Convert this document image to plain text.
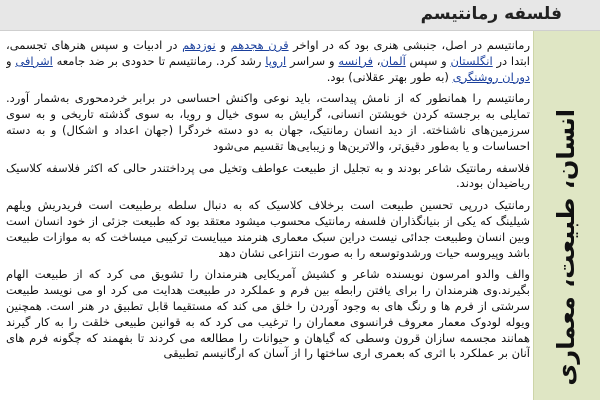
فلسفه رمانتیسم

رمانتیسم در اصل، جنبشی هنری بود که در اواخر قرن هجدهم و نوزدهم در ادبیات و سپس هنرهای تجسمی، ابتدا در انگلستان و سپس آلمان، فرانسه و سراسر اروپا رشد کرد. رمانتیسم تا حدودی بر ضد جامعه اشرافی و دوران روشنگری (به طور بهتر عقلانی) بود.

رمانتیسم را همانطور که از نامش پیداست، باید نوعی واکنش احساسی در برابر خردمحوری به‌شمار آورد. تمایلی به برجسته کردن خویشتن انسانی، گرایش به سوی خیال و رویا، به سوی گذشته تاریخی و به سوی سرزمین‌های ناشناخته. از دید انسان رمانتیک، جهان به دو دسته خردگرا (جهان اعداد و اشکال) و به دسته احساسات و یا به‌طور دقیق‌تر، والاترین‌ها و زیبایی‌ها تقسیم می‌شود

فلاسفه رمانتیک شاعر بودند و به تجلیل از طبیعت عواطف وتخیل می پرداختندر حالی که اکثر فلاسفه کلاسیک ریاضیدان بودند.

رمانتیک دررپی تحسین طبیعت است برخلاف کلاسیک که به دنبال سلطه برطبیعت است فریدریش ویلهم شیلینگ که یکی از بنیانگذاران فلسفه رمانتیک محسوب میشود معتقد بود که طبیعت جزئی از خود انسان است وبین انسان وطبیعت جدائی نیست دراین سبک معماری هنرمند میبایست ترکیبی میساخت که به موازات طبیعت باشد وپیروسه حیات ورشدوتوسعه را به صورت انتزاعی نشان دهد

والف والدو امرسون نویسنده شاعر و کشیش آمریکایی هنرمندان را تشویق می کرد که از طبیعت الهام بگیرند.وی هنرمندان را برای یافتن رابطه بین فرم و عملکرد در طبیعت هدایت می کرد او می نویسد طبیعت سرشتی از فرم ها و رنگ های به وجود آوردن را خلق می کند که مستقیما قابل تطبیق در هنر است. همچنین ویوله لودوک معمار معروف فرانسوی معماران را ترغیب می کرد که به قوانین طبیعی خلقت را به کار گیرند همانند مجسمه سازان قرون وسطی که گیاهان و حیوانات را مطالعه می کردند تا بفهمند که چگونه فرم های آنان بر عملکرد با اثری که بعمری اری ساختها را از آسان که ارگانیسم تطبیقی انسان، طبیعت، معماری
